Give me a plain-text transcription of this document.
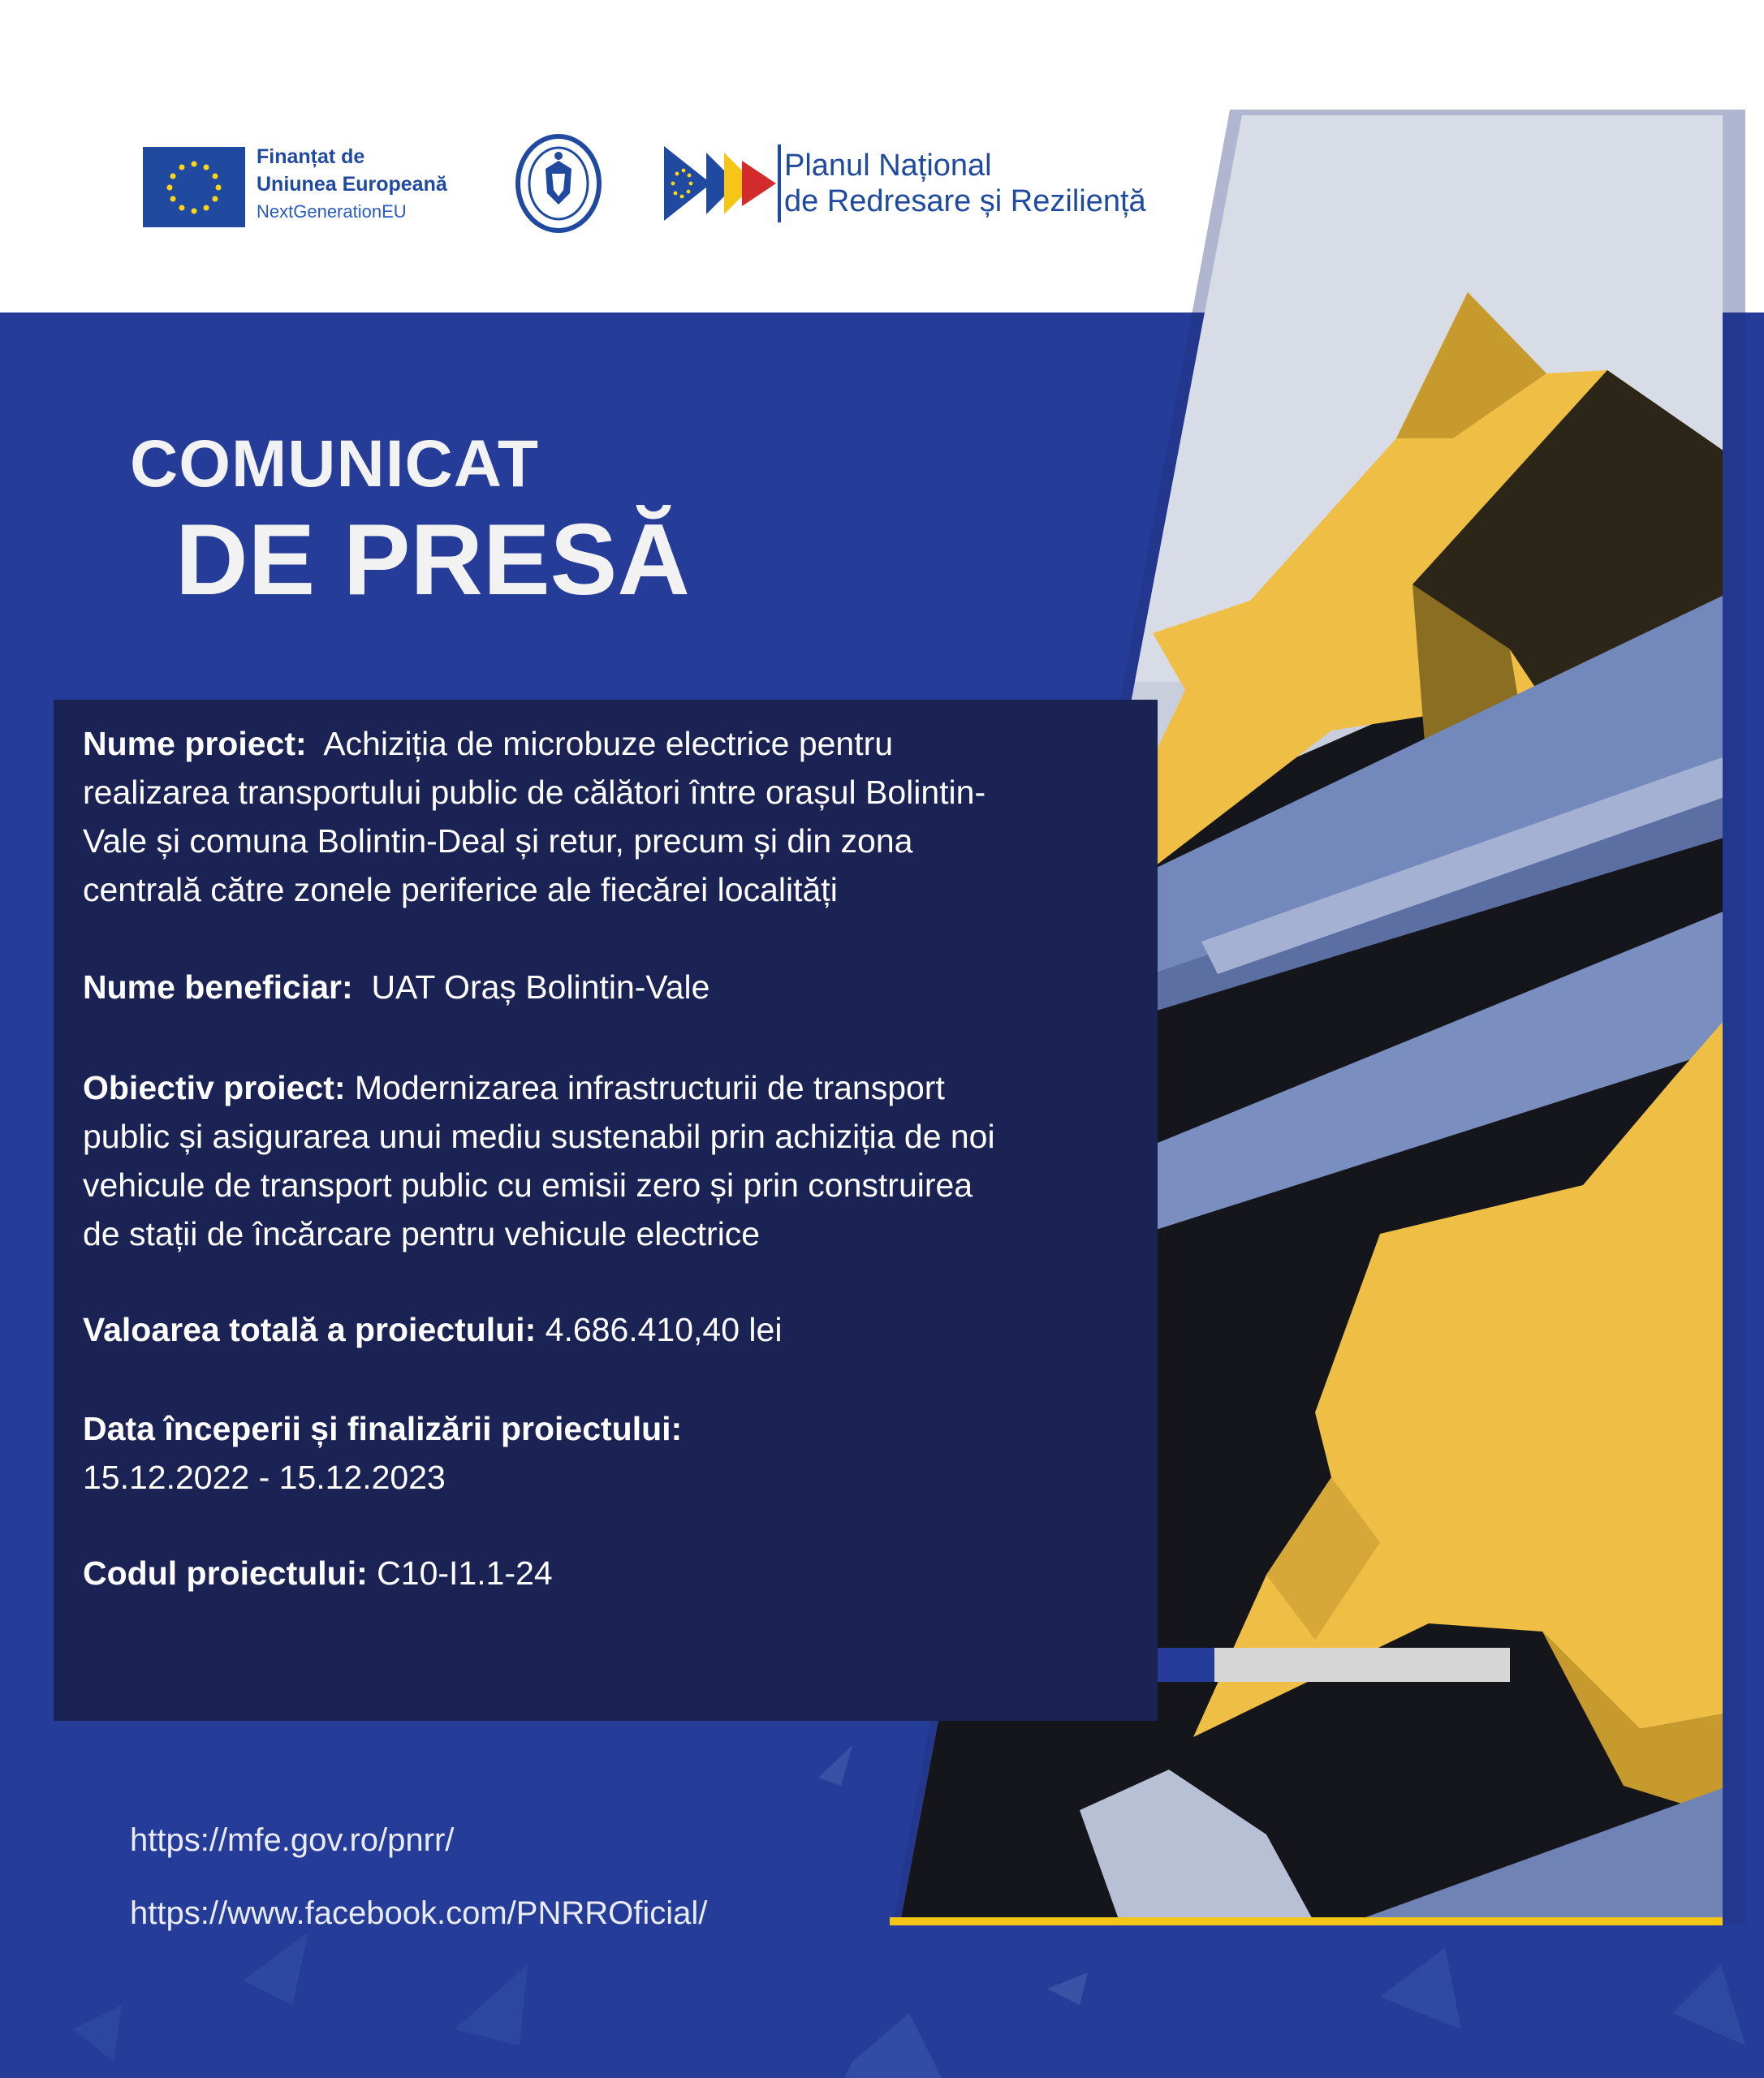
Finanțat de
Uniunea Europeană
NextGenerationEU
Planul Național
de Redresare și Reziliență
COMUNICAT
DE PRESĂ

Nume proiect: Achiziția de microbuze electrice pentru realizarea transportului public de călători între orașul Bolintin-Vale și comuna Bolintin-Deal și retur, precum și din zona centrală către zonele periferice ale fiecărei localități

Nume beneficiar: UAT Oraș Bolintin-Vale

Obiectiv proiect: Modernizarea infrastructurii de transport public și asigurarea unui mediu sustenabil prin achiziția de noi vehicule de transport public cu emisii zero și prin construirea de stații de încărcare pentru vehicule electrice

Valoarea totală a proiectului: 4.686.410,40 lei

Data începerii și finalizării proiectului:
15.12.2022 - 15.12.2023

Codul proiectului: C10-I1.1-24

https://mfe.gov.ro/pnrr/
https://www.facebook.com/PNRROficial/
